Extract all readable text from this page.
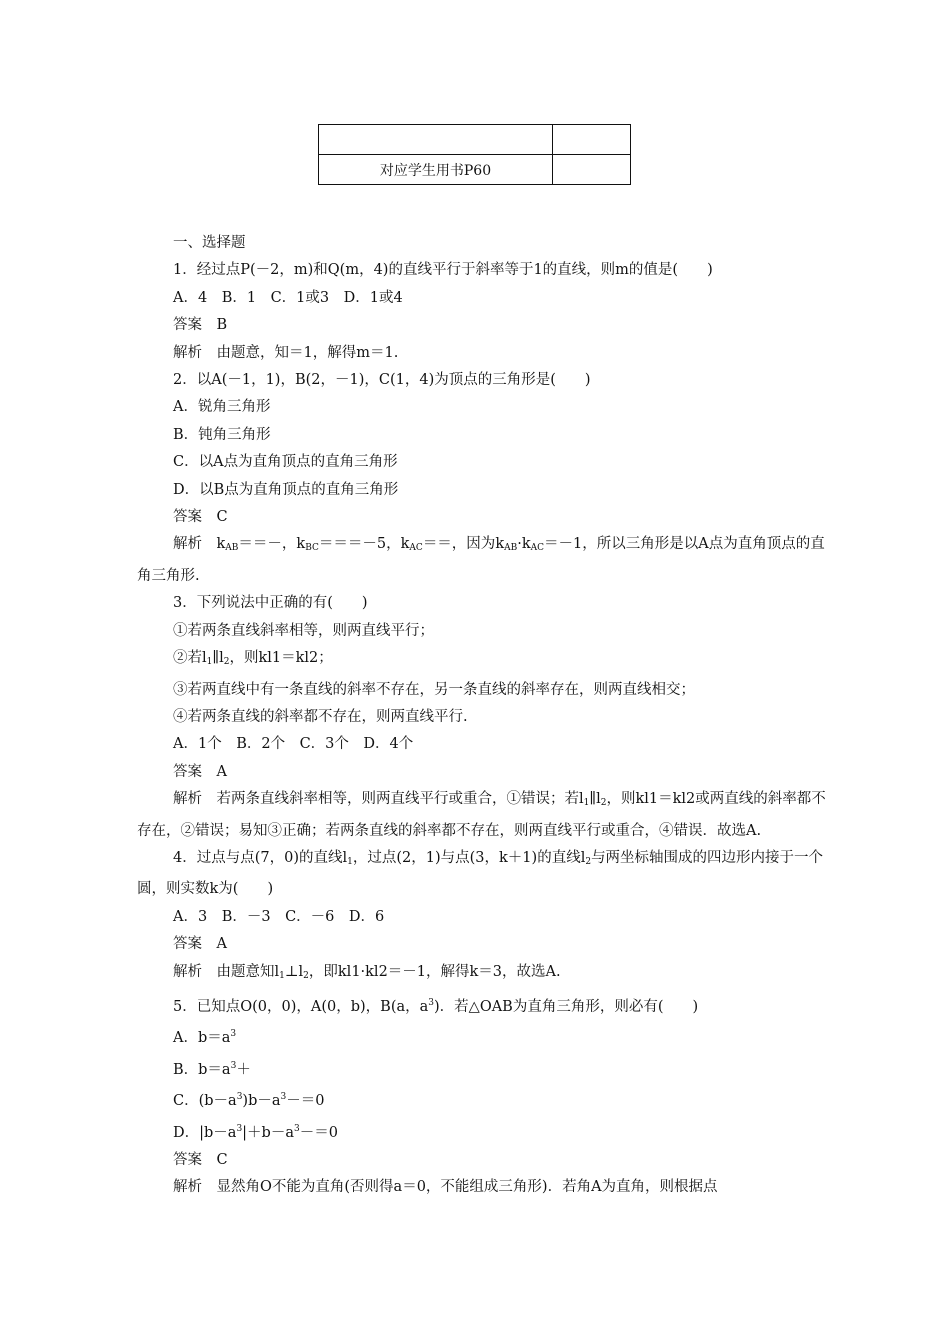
对应学生用书P60	

一、选择题

1．经过点P(－2，m)和Q(m，4)的直线平行于斜率等于1的直线，则m的值是(　　)

A．4　B．1　C．1或3　D．1或4

答案　B

解析　由题意，知＝1，解得m＝1.

2．以A(－1，1)，B(2，－1)，C(1，4)为顶点的三角形是(　　)

A．锐角三角形

B．钝角三角形

C．以A点为直角顶点的直角三角形

D．以B点为直角顶点的直角三角形

答案　C

解析　$k_{AB}==-$，$k_{BC}===-5$，$k_{AC}==$，因为$k_{AB}\cdot k_{AC}=-1$，所以三角形是以A点为直角顶点的直角三角形.

3．下列说法中正确的有(　　)

①若两条直线斜率相等，则两直线平行；

②若$l_1\parallel l_2$，则kl1＝kl2；

③若两直线中有一条直线的斜率不存在，另一条直线的斜率存在，则两直线相交；

④若两条直线的斜率都不存在，则两直线平行.

A．1个　B．2个　C．3个　D．4个

答案　A

解析　若两条直线斜率相等，则两直线平行或重合，①错误；若$l_1\parallel l_2$，则kl1＝kl2或两直线的斜率都不存在，②错误；易知③正确；若两条直线的斜率都不存在，则两直线平行或重合，④错误．故选A.

4．过点与点(7，0)的直线$l_1$，过点(2，1)与点(3，k＋1)的直线$l_2$与两坐标轴围成的四边形内接于一个圆，则实数k为(　　)

A．3　B．－3　C．－6　D．6

答案　A

解析　由题意知$l_1\perp l_2$，即kl1·kl2＝－1，解得k＝3，故选A.

5．已知点O(0，0)，A(0，b)，B(a，$a^3$)．若△OAB为直角三角形，则必有(　　)

A．$b=a^3$

B．$b=a^3+$

C．$(b-a^3)b-a^3-=0$

D．$|b-a^3|+b-a^3-=0$

答案　C

解析　显然角O不能为直角(否则得a＝0，不能组成三角形)．若角A为直角，则根据点
